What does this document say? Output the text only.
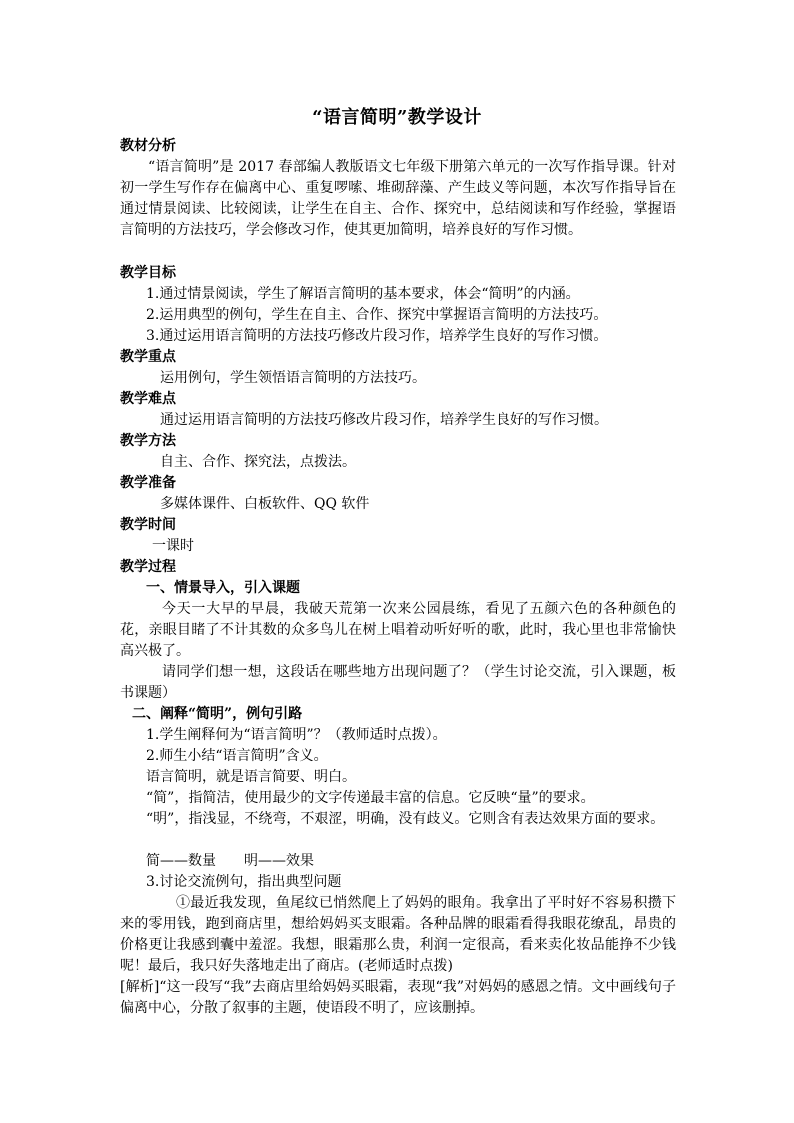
“语言简明”教学设计
教材分析
“语言简明”是 2017 春部编人教版语文七年级下册第六单元的一次写作指导课。针对初一学生写作存在偏离中心、重复啰嗦、堆砌辞藻、产生歧义等问题，本次写作指导旨在通过情景阅读、比较阅读，让学生在自主、合作、探究中，总结阅读和写作经验，掌握语言简明的方法技巧，学会修改习作，使其更加简明，培养良好的写作习惯。
教学目标
1.通过情景阅读，学生了解语言简明的基本要求，体会“简明”的内涵。
2.运用典型的例句，学生在自主、合作、探究中掌握语言简明的方法技巧。
3.通过运用语言简明的方法技巧修改片段习作，培养学生良好的写作习惯。
教学重点
运用例句，学生领悟语言简明的方法技巧。
教学难点
通过运用语言简明的方法技巧修改片段习作，培养学生良好的写作习惯。
教学方法
自主、合作、探究法，点拨法。
教学准备
多媒体课件、白板软件、QQ 软件
教学时间
一课时
教学过程
一、情景导入，引入课题
今天一大早的早晨，我破天荒第一次来公园晨练，看见了五颜六色的各种颜色的花，亲眼目睹了不计其数的众多鸟儿在树上唱着动听好听的歌，此时，我心里也非常愉快高兴极了。
请同学们想一想，这段话在哪些地方出现问题了？（学生讨论交流，引入课题，板书课题）
二、阐释“简明”，例句引路
1.学生阐释何为“语言简明”？（教师适时点拨）。
2.师生小结“语言简明”含义。
语言简明，就是语言简要、明白。
“简”，指简洁，使用最少的文字传递最丰富的信息。它反映“量”的要求。
“明”，指浅显，不绕弯，不艰涩，明确，没有歧义。它则含有表达效果方面的要求。
简——数量　　明——效果
3.讨论交流例句，指出典型问题
①最近我发现，鱼尾纹已悄然爬上了妈妈的眼角。我拿出了平时好不容易积攒下来的零用钱，跑到商店里，想给妈妈买支眼霜。各种品牌的眼霜看得我眼花缭乱，昂贵的价格更让我感到囊中羞涩。我想，眼霜那么贵，利润一定很高，看来卖化妆品能挣不少钱呢！最后，我只好失落地走出了商店。(老师适时点拨)
[解析]“这一段写“我”去商店里给妈妈买眼霜，表现“我”对妈妈的感恩之情。文中画线句子偏离中心，分散了叙事的主题，使语段不明了，应该删掉。
